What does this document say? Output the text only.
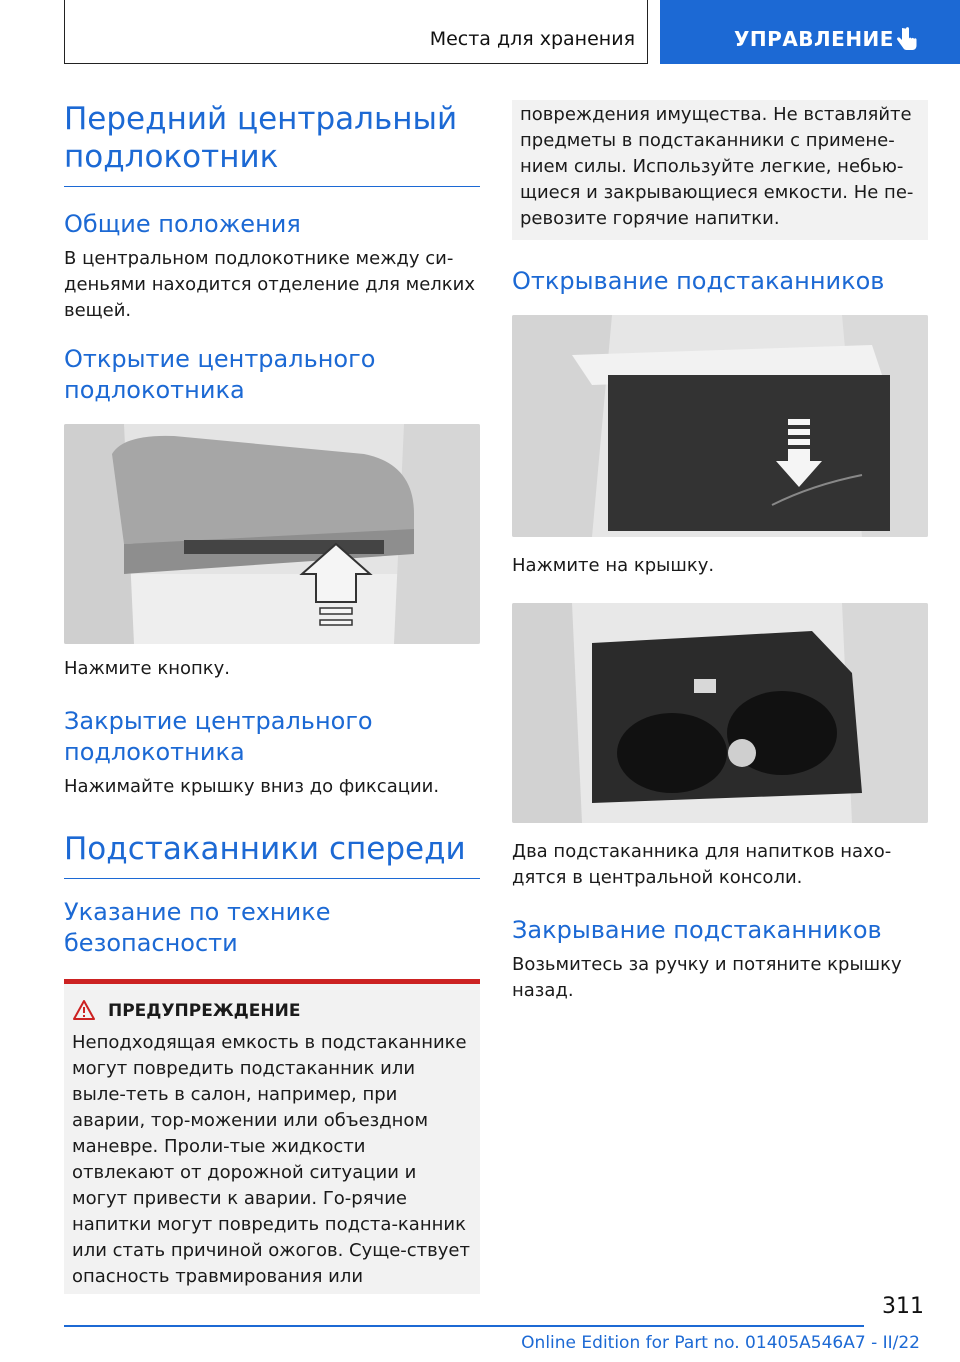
Места для хранения	УПРАВЛЕНИЕ
Передний центральный подлокотник
Общие положения

В центральном подлокотнике между си-деньями находится отделение для мелких вещей.

Открытие центрального подлокотника

Нажмите кнопку.

Закрытие центрального подлокотника

Нажимайте крышку вниз до фиксации.

Подстаканники спереди
Указание по технике безопасности
ПРЕДУПРЕЖДЕНИЕ

Неподходящая емкость в подстаканнике могут повредить подстаканник или выле-теть в салон, например, при аварии, тор-можении или объездном маневре. Проли-тые жидкости отвлекают от дорожной ситуации и могут привести к аварии. Го-рячие напитки могут повредить подста-канник или стать причиной ожогов. Суще-ствует опасность травмирования или

повреждения имущества. Не вставляйте предметы в подстаканники с примене-нием силы. Используйте легкие, небью-щиеся и закрывающиеся емкости. Не пе-ревозите горячие напитки.

Открывание подстаканников

Нажмите на крышку.

Два подстаканника для напитков нахо-дятся в центральной консоли.

Закрывание подстаканников

Возьмитесь за ручку и потяните крышку назад.

311
Online Edition for Part no. 01405A546A7 - II/22
